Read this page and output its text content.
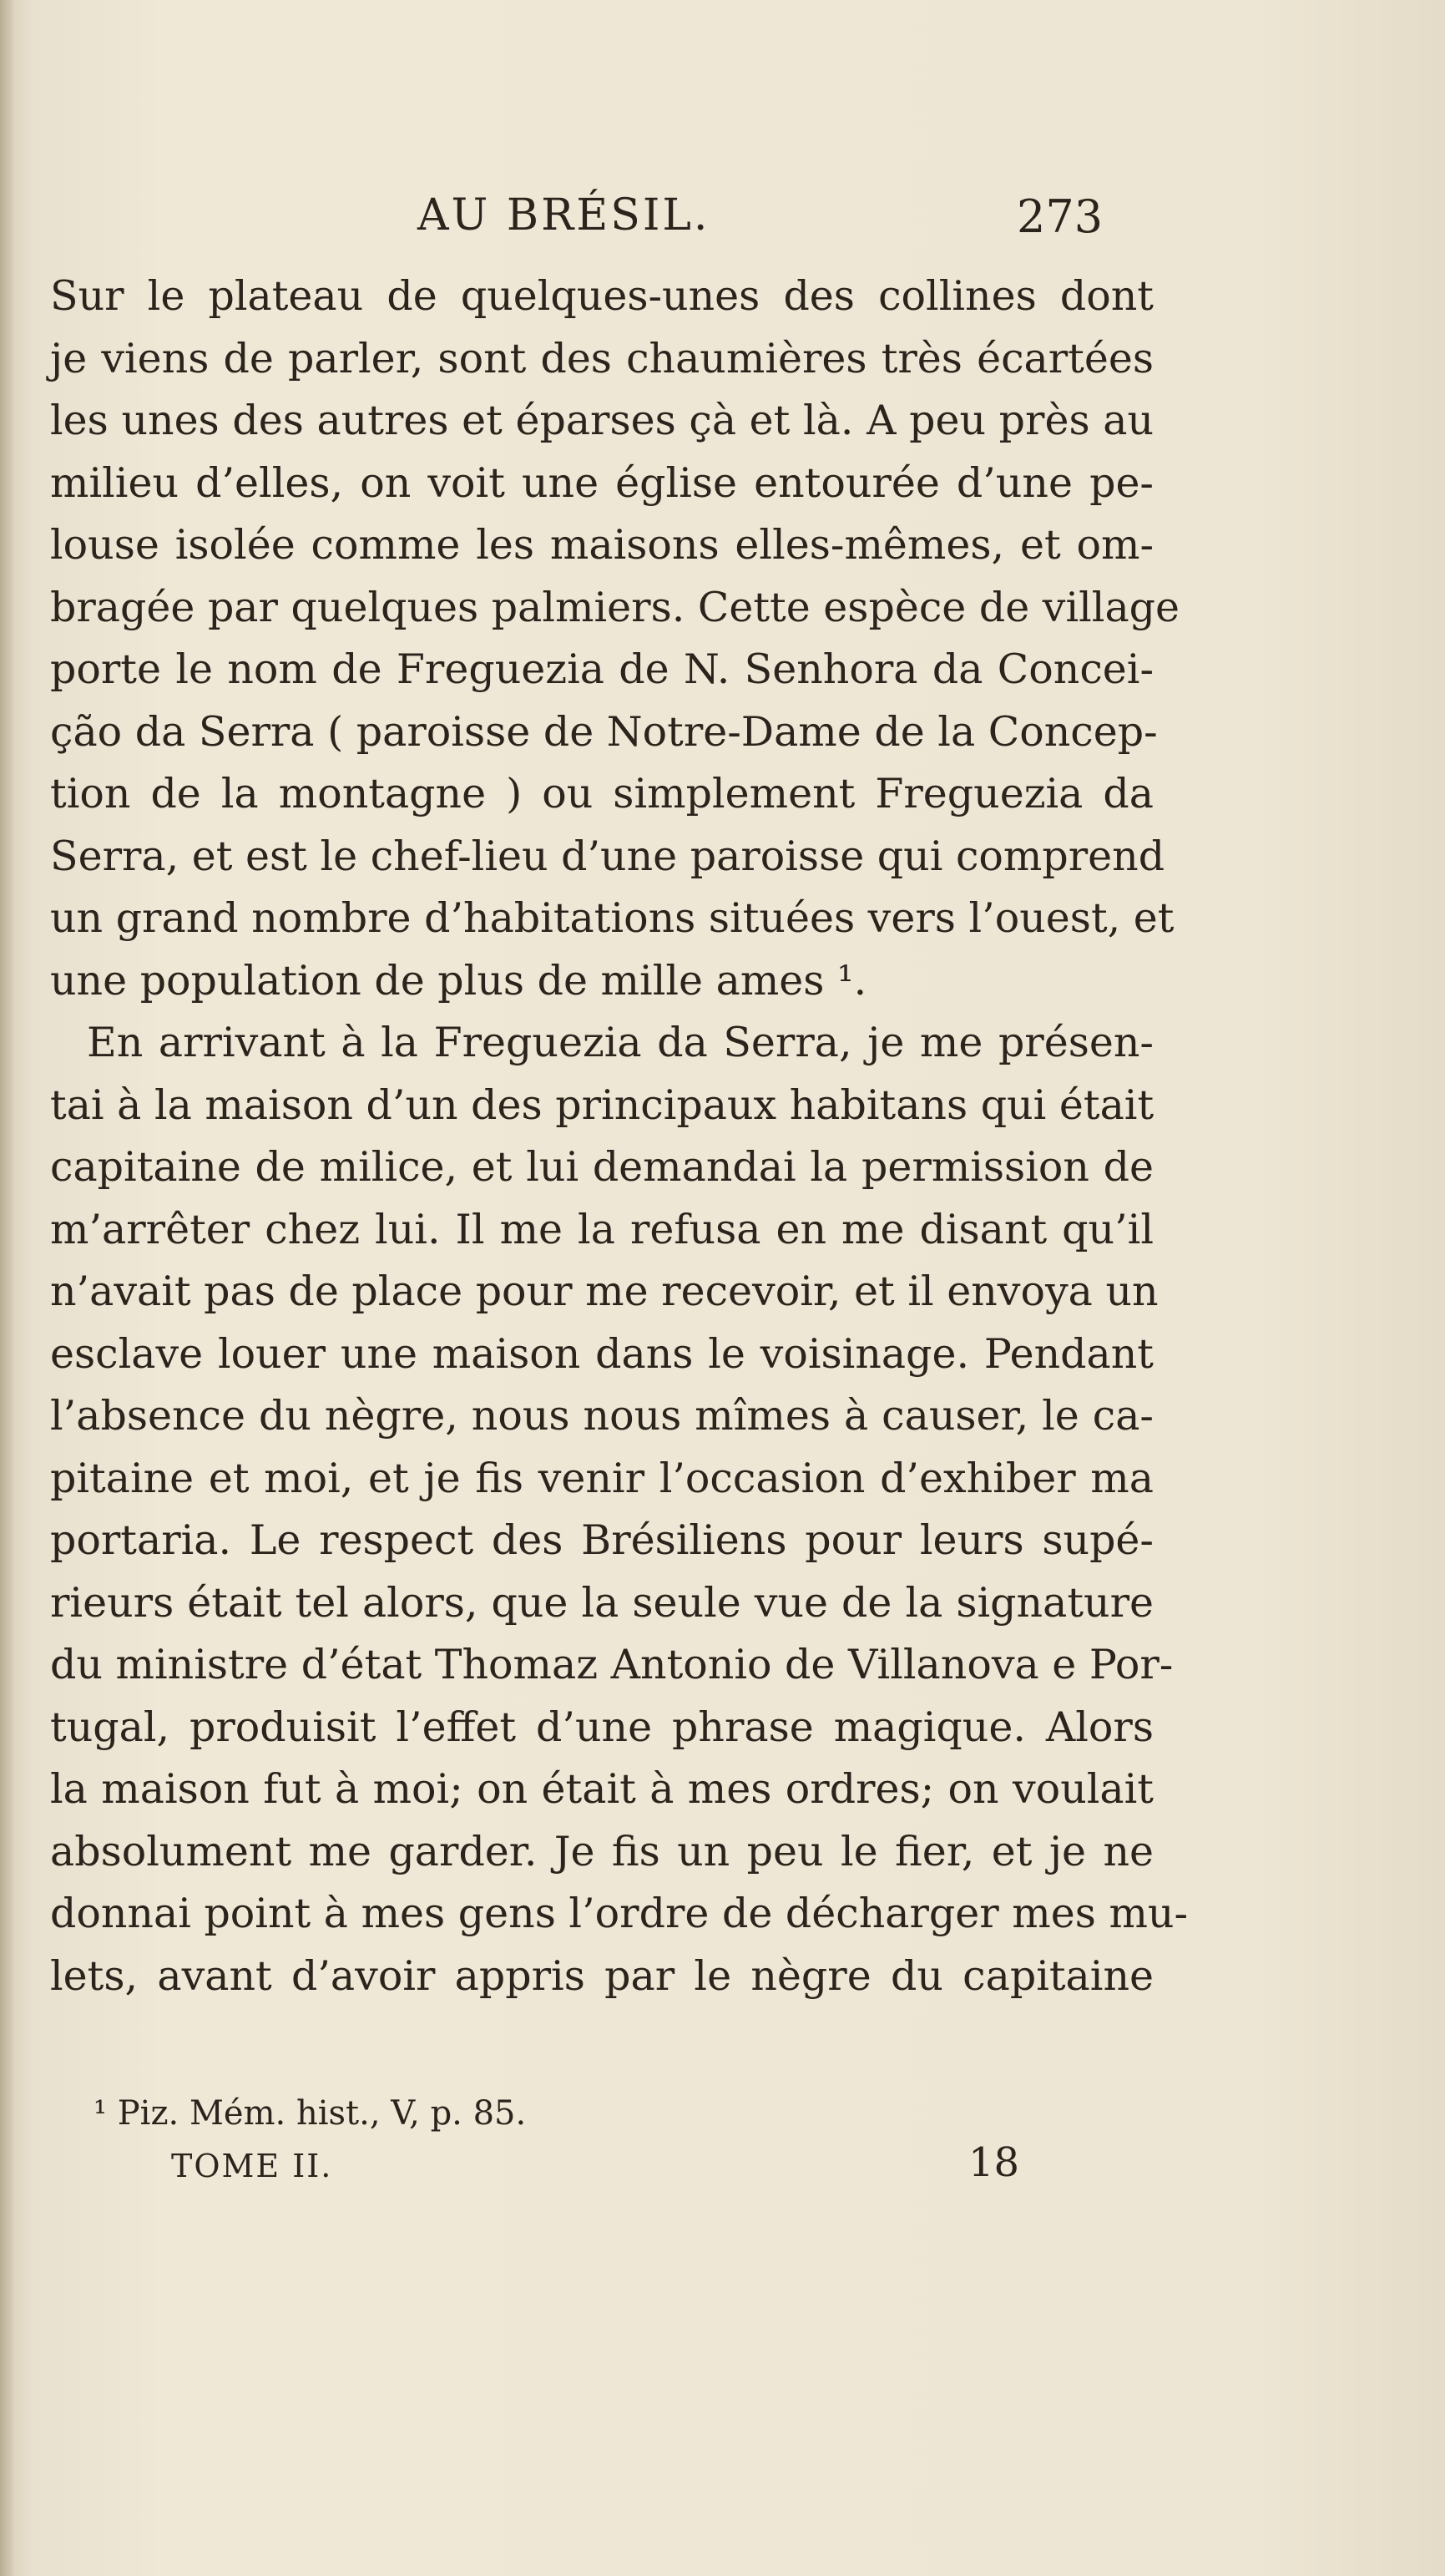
AU BRÉSIL.	273
Sur le plateau de quelques-unes des collines dont
je viens de parler, sont des chaumières très écartées
les unes des autres et éparses çà et là. A peu près au
milieu d’elles, on voit une église entourée d’une pe-
louse isolée comme les maisons elles-mêmes, et om-
bragée par quelques palmiers. Cette espèce de village
porte le nom de Freguezia de N. Senhora da Concei-
ção da Serra ( paroisse de Notre-Dame de la Concep-
tion de la montagne ) ou simplement Freguezia da
Serra, et est le chef-lieu d’une paroisse qui comprend
un grand nombre d’habitations situées vers l’ouest, et
une population de plus de mille ames ¹.
En arrivant à la Freguezia da Serra, je me présen-
tai à la maison d’un des principaux habitans qui était
capitaine de milice, et lui demandai la permission de
m’arrêter chez lui. Il me la refusa en me disant qu’il
n’avait pas de place pour me recevoir, et il envoya un
esclave louer une maison dans le voisinage. Pendant
l’absence du nègre, nous nous mîmes à causer, le ca-
pitaine et moi, et je fis venir l’occasion d’exhiber ma
portaria. Le respect des Brésiliens pour leurs supé-
rieurs était tel alors, que la seule vue de la signature
du ministre d’état Thomaz Antonio de Villanova e Por-
tugal, produisit l’effet d’une phrase magique. Alors
la maison fut à moi; on était à mes ordres; on voulait
absolument me garder. Je fis un peu le fier, et je ne
donnai point à mes gens l’ordre de décharger mes mu-
lets, avant d’avoir appris par le nègre du capitaine
¹ Piz. Mém. hist., V, p. 85.
TOME II.	18
